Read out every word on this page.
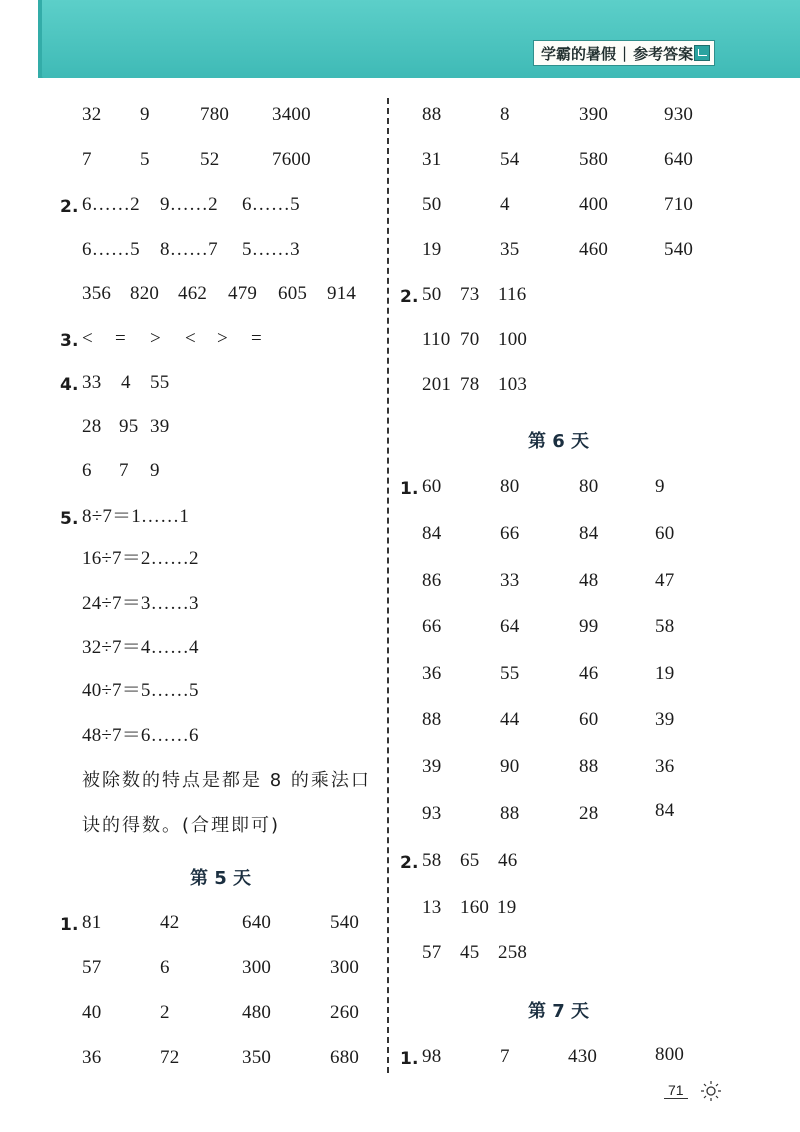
学霸的暑假 | 参考答案
32 9	780 3400
7	5	52	7600
2. 6……2 9……2 6……5
6……5 8……7 5……3
356 820 462 479 605 914
3. < = > < > =
4. 33 4 55
28 95 39
6 7 9
5. 8÷7＝1……1
16÷7＝2……2
24÷7＝3……3
32÷7＝4……4
40÷7＝5……5
48÷7＝6……6
被除数的特点是都是 8 的乘法口
诀的得数。(合理即可)
第 5 天
1. 81	42	640	540
57	6	300	300
40	2	480	260
36	72	350	680
88	8	390	930
31	54	580	640
50	4	400	710
19	35	460	540
2. 50 73 116
110 70 100
201 78 103
第 6 天
1. 60	80	80	9
84	66	84	60
86	33	48	47
66	64	99	58
36	55	46	19
88	44	60	39
39	90	88	36
93	88	28	84
2. 58 65 46
13 160 19
57 45 258
第 7 天
1. 98	7	430	800
71
